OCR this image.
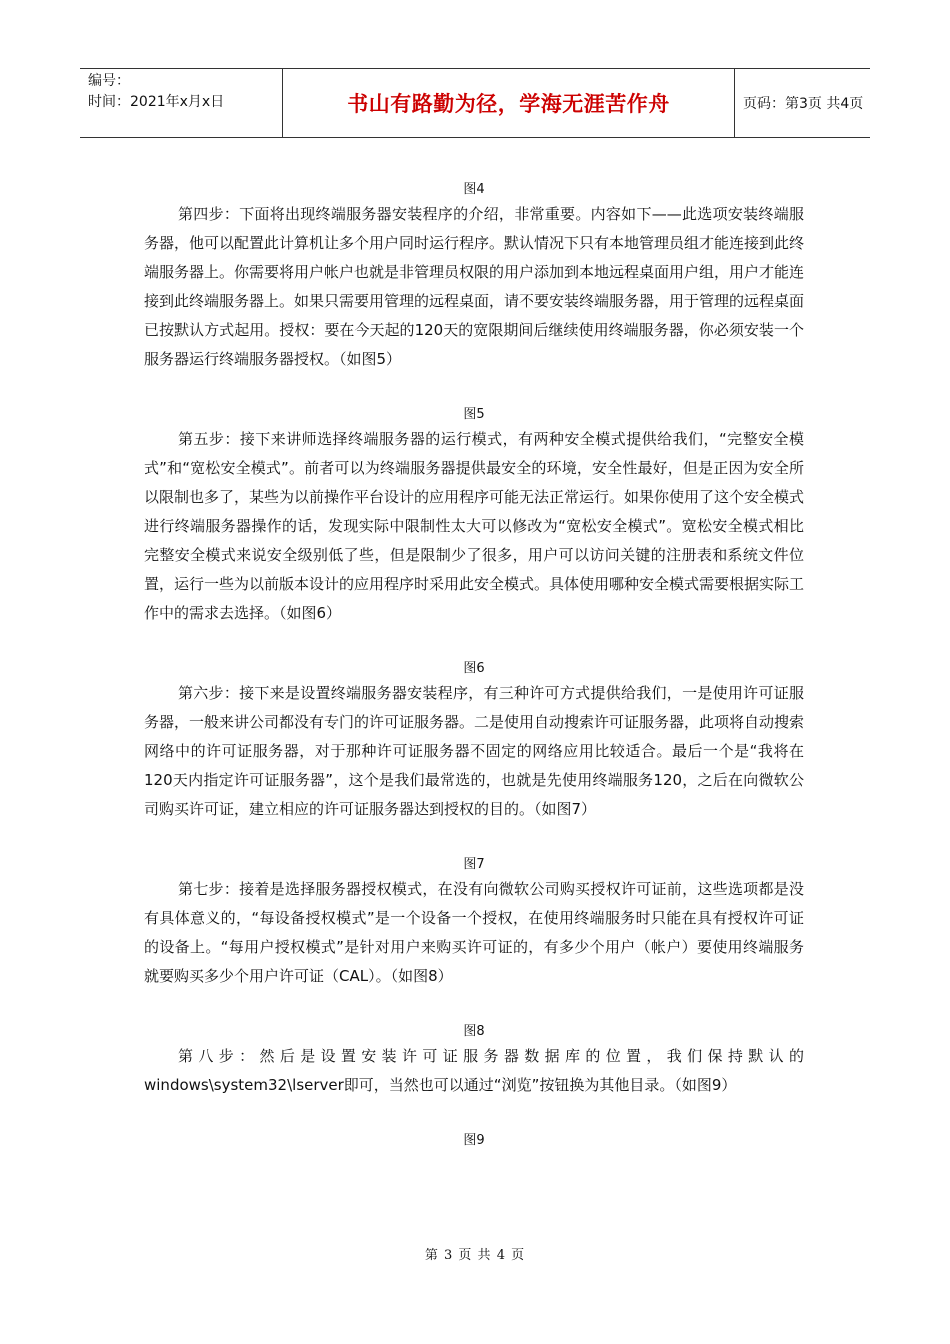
编号：
时间：2021年x月x日	书山有路勤为径，学海无涯苦作舟	页码：第3页 共4页

图4

第四步：下面将出现终端服务器安装程序的介绍，非常重要。内容如下——此选项安装终端服务器，他可以配置此计算机让多个用户同时运行程序。默认情况下只有本地管理员组才能连接到此终端服务器上。你需要将用户帐户也就是非管理员权限的用户添加到本地远程桌面用户组，用户才能连接到此终端服务器上。如果只需要用管理的远程桌面，请不要安装终端服务器，用于管理的远程桌面已按默认方式起用。授权：要在今天起的120天的宽限期间后继续使用终端服务器，你必须安装一个服务器运行终端服务器授权。（如图5）

图5

第五步：接下来讲师选择终端服务器的运行模式，有两种安全模式提供给我们，“完整安全模式”和“宽松安全模式”。前者可以为终端服务器提供最安全的环境，安全性最好，但是正因为安全所以限制也多了，某些为以前操作平台设计的应用程序可能无法正常运行。如果你使用了这个安全模式进行终端服务器操作的话，发现实际中限制性太大可以修改为“宽松安全模式”。宽松安全模式相比完整安全模式来说安全级别低了些，但是限制少了很多，用户可以访问关键的注册表和系统文件位置，运行一些为以前版本设计的应用程序时采用此安全模式。具体使用哪种安全模式需要根据实际工作中的需求去选择。（如图6）

图6

第六步：接下来是设置终端服务器安装程序，有三种许可方式提供给我们，一是使用许可证服务器，一般来讲公司都没有专门的许可证服务器。二是使用自动搜索许可证服务器，此项将自动搜索网络中的许可证服务器，对于那种许可证服务器不固定的网络应用比较适合。最后一个是“我将在120天内指定许可证服务器”，这个是我们最常选的，也就是先使用终端服务120，之后在向微软公司购买许可证，建立相应的许可证服务器达到授权的目的。（如图7）

图7

第七步：接着是选择服务器授权模式，在没有向微软公司购买授权许可证前，这些选项都是没有具体意义的，“每设备授权模式”是一个设备一个授权，在使用终端服务时只能在具有授权许可证的设备上。“每用户授权模式”是针对用户来购买许可证的，有多少个用户（帐户）要使用终端服务就要购买多少个用户许可证（CAL）。（如图8）

图8

第八步：然后是设置安装许可证服务器数据库的位置，我们保持默认的windows\system32\lserver即可，当然也可以通过“浏览”按钮换为其他目录。（如图9）

图9

第 3 页 共 4 页
